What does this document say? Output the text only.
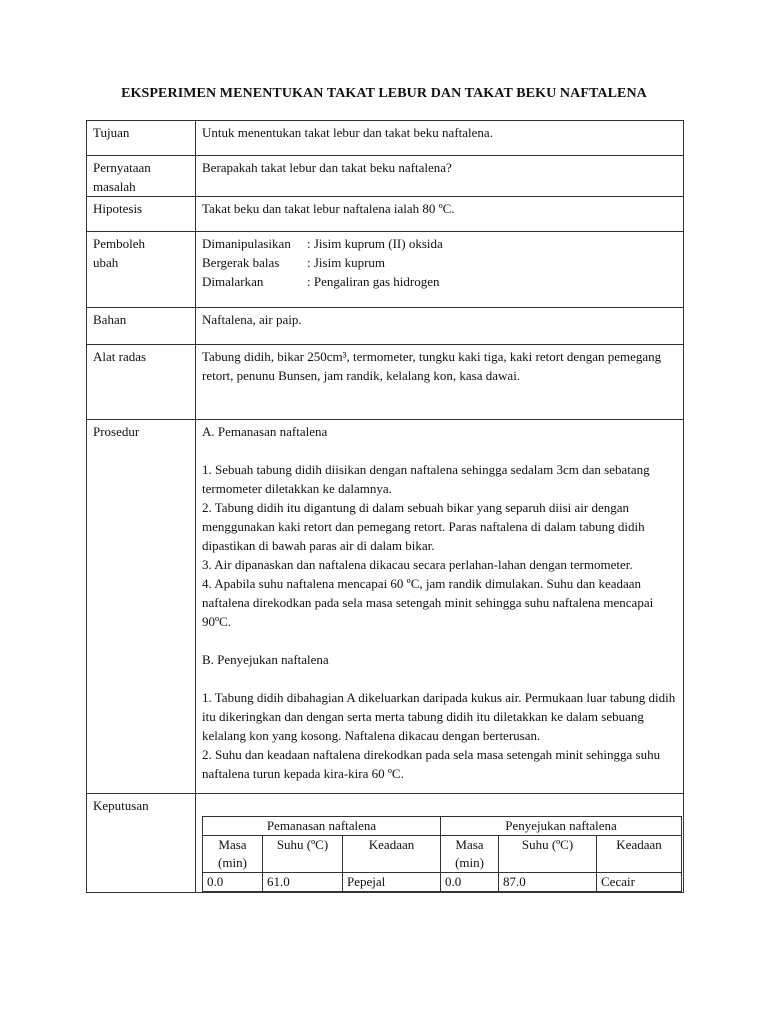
EKSPERIMEN MENENTUKAN TAKAT LEBUR DAN TAKAT BEKU NAFTALENA
Tujuan	Untuk menentukan takat lebur dan takat beku naftalena.

Pernyataan
masalah
	Berapakah takat lebur dan takat beku naftalena?
Hipotesis	Takat beku dan takat lebur naftalena ialah 80 ºC.

Pemboleh
ubah

Dimanipulasikan	: Jisim kuprum (II) oksida
Bergerak balas	: Jisim kuprum
Dimalarkan	: Pengaliran gas hidrogen

Bahan	Naftalena, air paip.
Alat radas	Tabung didih, bikar 250cm³, termometer, tungku kaki tiga, kaki retort dengan pemegang retort, penunu Bunsen, jam randik, kelalang kon, kasa dawai.
Prosedur	A. Pemanasan naftalena

1. Sebuah tabung didih diisikan dengan naftalena sehingga sedalam 3cm dan sebatang termometer diletakkan ke dalamnya.

2. Tabung didih itu digantung di dalam sebuah bikar yang separuh diisi air dengan menggunakan kaki retort dan pemegang retort. Paras naftalena di dalam tabung didih dipastikan di bawah paras air di dalam bikar.

3. Air dipanaskan dan naftalena dikacau secara perlahan-lahan dengan termometer.

4. Apabila suhu naftalena mencapai 60 ºC, jam randik dimulakan. Suhu dan keadaan naftalena direkodkan pada sela masa setengah minit sehingga suhu naftalena mencapai 90ºC.

B. Penyejukan naftalena

1. Tabung didih dibahagian A dikeluarkan daripada kukus air. Permukaan luar tabung didih itu dikeringkan dan dengan serta merta tabung didih itu diletakkan ke dalam sebuang kelalang kon yang kosong. Naftalena dikacau dengan berterusan.

2. Suhu dan keadaan naftalena direkodkan pada sela masa setengah minit sehingga suhu naftalena turun kepada kira-kira 60 ºC.

Keputusan	
Pemanasan naftalena	Penyejukan naftalena
Masa (min)	Suhu (ºC)	Keadaan	Masa (min)	Suhu (ºC)	Keadaan
0.0	61.0	Pepejal	0.0	87.0	Cecair
